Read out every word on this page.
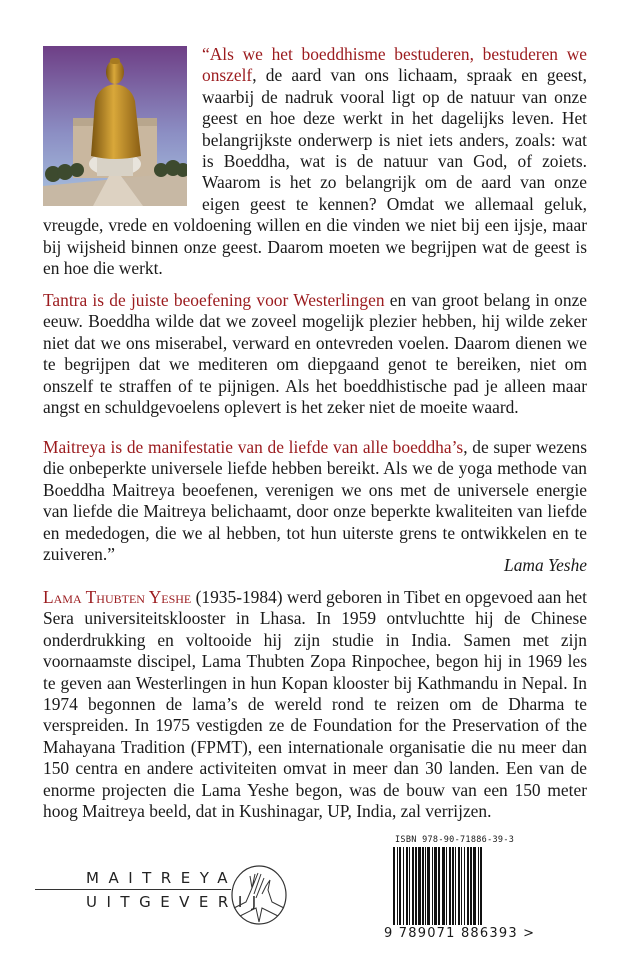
“Als we het boeddhisme bestuderen, bestuderen we onszelf, de aard van ons lichaam, spraak en geest, waarbij de nadruk vooral ligt op de natuur van onze geest en hoe deze werkt in het dagelijks leven. Het belangrijkste onderwerp is niet iets anders, zoals: wat is Boeddha, wat is de natuur van God, of zoiets. Waarom is het zo belangrijk om de aard van onze eigen geest te kennen? Omdat we allemaal geluk, vreugde, vrede en voldoening willen en die vinden we niet bij een ijsje, maar bij wijsheid binnen onze geest. Daarom moeten we begrijpen wat de geest is en hoe die werkt.

Tantra is de juiste beoefening voor Westerlingen en van groot belang in onze eeuw. Boeddha wilde dat we zoveel mogelijk plezier hebben, hij wilde zeker niet dat we ons miserabel, verward en ontevreden voelen. Daarom dienen we te begrijpen dat we mediteren om diepgaand genot te bereiken, niet om onszelf te straffen of te pijnigen. Als het boeddhistische pad je alleen maar angst en schuldgevoelens oplevert is het zeker niet de moeite waard.

Maitreya is de manifestatie van de liefde van alle boeddha’s, de super wezens die onbeperkte universele liefde hebben bereikt. Als we de yoga methode van Boeddha Maitreya beoefenen, verenigen we ons met de universele energie van liefde die Maitreya belichaamt, door onze beperkte kwaliteiten van liefde en mededogen, die we al hebben, tot hun uiterste grens te ontwikkelen en te zuiveren.”

Lama Yeshe

Lama Thubten Yeshe (1935-1984) werd geboren in Tibet en opgevoed aan het Sera universiteitsklooster in Lhasa. In 1959 ontvluchtte hij de Chinese onderdrukking en voltooide hij zijn studie in India. Samen met zijn voornaamste discipel, Lama Thubten Zopa Rinpochee, begon hij in 1969 les te geven aan Westerlingen in hun Kopan klooster bij Kathmandu in Nepal. In 1974 begonnen de lama’s de wereld rond te reizen om de Dharma te verspreiden. In 1975 vestigden ze de Foundation for the Preservation of the Mahayana Tradition (FPMT), een internationale organisatie die nu meer dan 150 centra en andere activiteiten omvat in meer dan 30 landen. Een van de enorme projecten die Lama Yeshe begon, was de bouw van een 150 meter hoog Maitreya beeld, dat in Kushinagar, UP, India, zal verrijzen.

MAITREYA
UITGEVERIJ
ISBN 978-90-71886-39-3
9 789071 886393 >
